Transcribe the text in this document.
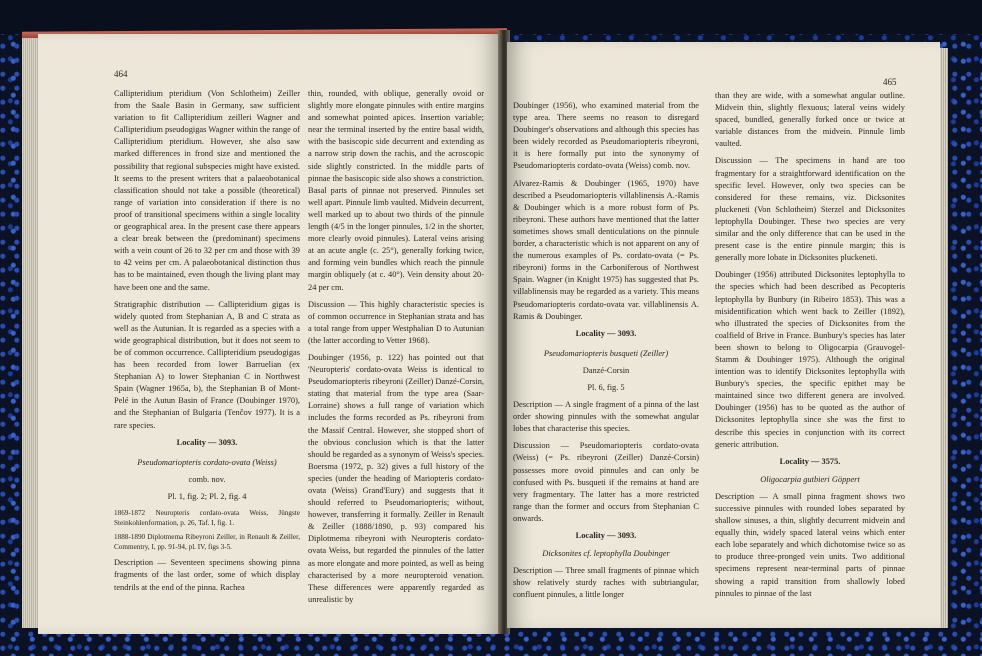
464

Callipteridium pteridium (Von Schlotheim) Zeiller from the Saale Basin in Germany, saw sufficient variation to fit Callipteridium zeilleri Wagner and Callipteridium pseudogigas Wagner within the range of Callipteridium pteridium. However, she also saw marked differences in frond size and mentioned the possibility that regional subspecies might have existed. It seems to the present writers that a palaeobotanical classification should not take a possible (theoretical) range of variation into consideration if there is no proof of transitional specimens within a single locality or geographical area. In the present case there appears a clear break between the (predominant) specimens with a vein count of 26 to 32 per cm and those with 39 to 42 veins per cm. A palaeobotanical distinction thus has to be maintained, even though the living plant may have been one and the same.

Stratigraphic distribution — Callipteridium gigas is widely quoted from Stephanian A, B and C strata as well as the Autunian. It is regarded as a species with a wide geographical distribution, but it does not seem to be of common occurrence. Callipteridium pseudogigas has been recorded from lower Barruelian (ex Stephanian A) to lower Stephanian C in Northwest Spain (Wagner 1965a, b), the Stephanian B of Mont-Pelé in the Autun Basin of France (Doubinger 1970), and the Stephanian of Bulgaria (Tenčov 1977). It is a rare species.

Locality — 3093.

Pseudomariopteris cordato-ovata (Weiss)

comb. nov.

Pl. 1, fig. 2; Pl. 2, fig. 4

1869-1872 Neuropteris cordato-ovata Weiss, Jüngste Steinkohlenformation, p. 26, Taf. I, fig. 1.

1888-1890 Diplotmema Ribeyroni Zeiller, in Renault & Zeiller, Commentry, I, pp. 91-94, pl. IV, figs 3-5.

Description — Seventeen specimens showing pinna fragments of the last order, some of which display tendrils at the end of the pinna. Rachea

thin, rounded, with oblique, generally ovoid or slightly more elongate pinnules with entire margins and somewhat pointed apices. Insertion variable; near the terminal inserted by the entire basal width, with the basiscopic side decurrent and extending as a narrow strip down the rachis, and the acroscopic side slightly constricted. In the middle parts of pinnae the basiscopic side also shows a constriction. Basal parts of pinnae not preserved. Pinnules set well apart. Pinnule limb vaulted. Midvein decurrent, well marked up to about two thirds of the pinnule length (4/5 in the longer pinnules, 1/2 in the shorter, more clearly ovoid pinnules). Lateral veins arising at an acute angle (c. 25°), generally forking twice, and forming vein bundles which reach the pinnule margin obliquely (at c. 40°). Vein density about 20-24 per cm.

Discussion — This highly characteristic species is of common occurrence in Stephanian strata and has a total range from upper Westphalian D to Autunian (the latter according to Vetter 1968).

Doubinger (1956, p. 122) has pointed out that 'Neuropteris' cordato-ovata Weiss is identical to Pseudomariopteris ribeyroni (Zeiller) Danzé-Corsin, stating that material from the type area (Saar-Lorraine) shows a full range of variation which includes the forms recorded as Ps. ribeyroni from the Massif Central. However, she stopped short of the obvious conclusion which is that the latter should be regarded as a synonym of Weiss's species. Boersma (1972, p. 32) gives a full history of the species (under the heading of Mariopteris cordato-ovata (Weiss) Grand'Eury) and suggests that it should referred to Pseudomariopteris; without, however, transferring it formally. Zeiller in Renault & Zeiller (1888/1890, p. 93) compared his Diplotmema ribeyroni with Neuropteris cordato-ovata Weiss, but regarded the pinnules of the latter as more elongate and more pointed, as well as being characterised by a more neuropteroid venation. These differences were apparently regarded as unrealistic by

465

Doubinger (1956), who examined material from the type area. There seems no reason to disregard Doubinger's observations and although this species has been widely recorded as Pseudomariopteris ribeyroni, it is here formally put into the synonymy of Pseudomariopteris cordato-ovata (Weiss) comb. nov.

Alvarez-Ramis & Doubinger (1965, 1970) have described a Pseudomariopteris villablinensis A.-Ramis & Doubinger which is a more robust form of Ps. ribeyroni. These authors have mentioned that the latter sometimes shows small denticulations on the pinnule border, a characteristic which is not apparent on any of the numerous examples of Ps. cordato-ovata (= Ps. ribeyroni) forms in the Carboniferous of Northwest Spain. Wagner (in Knight 1975) has suggested that Ps. villablinensis may be regarded as a variety. This means Pseudomariopteris cordato-ovata var. villablinensis A. Ramis & Doubinger.

Locality — 3093.

Pseudomariopteris busqueti (Zeiller)

Danzé-Corsin

Pl. 6, fig. 5

Description — A single fragment of a pinna of the last order showing pinnules with the somewhat angular lobes that characterise this species.

Discussion — Pseudomariopteris cordato-ovata (Weiss) (= Ps. ribeyroni (Zeiller) Danzé-Corsin) possesses more ovoid pinnules and can only be confused with Ps. busqueti if the remains at hand are very fragmentary. The latter has a more restricted range than the former and occurs from Stephanian C onwards.

Locality — 3093.

Dicksonites cf. leptophylla Doubinger

Description — Three small fragments of pinnae which show relatively sturdy raches with subtriangular, confluent pinnules, a little longer

than they are wide, with a somewhat angular outline. Midvein thin, slightly flexuous; lateral veins widely spaced, bundled, generally forked once or twice at variable distances from the midvein. Pinnule limb vaulted.

Discussion — The specimens in hand are too fragmentary for a straightforward identification on the specific level. However, only two species can be considered for these remains, viz. Dicksonites pluckeneti (Von Schlotheim) Sterzel and Dicksonites leptophylla Doubinger. These two species are very similar and the only difference that can be used in the present case is the entire pinnule margin; this is generally more lobate in Dicksonites pluckeneti.

Doubinger (1956) attributed Dicksonites leptophylla to the species which had been described as Pecopteris leptophylla by Bunbury (in Ribeiro 1853). This was a misidentification which went back to Zeiller (1892), who illustrated the species of Dicksonites from the coalfield of Brive in France. Bunbury's species has later been shown to belong to Oligocarpia (Grauvogel-Stamm & Doubinger 1975). Although the original intention was to identify Dicksonites leptophylla with Bunbury's species, the specific epithet may be maintained since two different genera are involved. Doubinger (1956) has to be quoted as the author of Dicksonites leptophylla since she was the first to describe this species in conjunction with its correct generic attribution.

Locality — 3575.

Oligocarpia gutbieri Göppert

Description — A small pinna fragment shows two successive pinnules with rounded lobes separated by shallow sinuses, a thin, slightly decurrent midvein and equally thin, widely spaced lateral veins which enter each lobe separately and which dichotomise twice so as to produce three-pronged vein units. Two additional specimens represent near-terminal parts of pinnae showing a rapid transition from shallowly lobed pinnules to pinnae of the last
